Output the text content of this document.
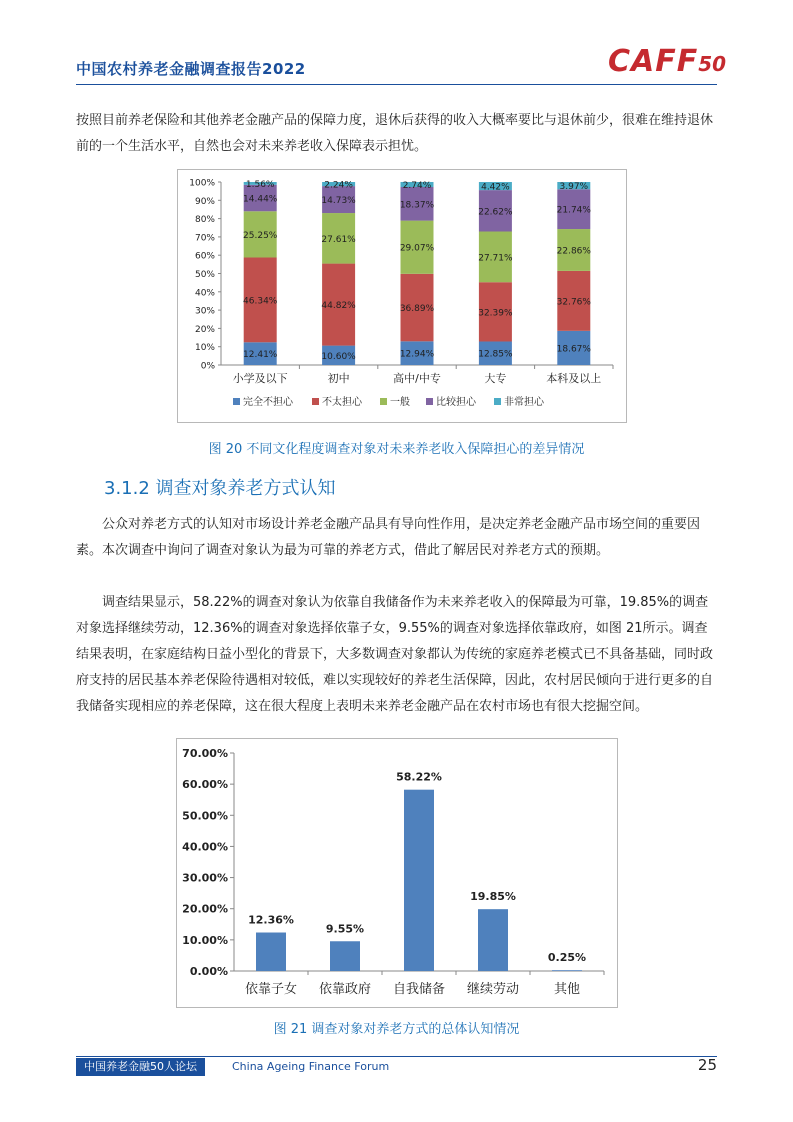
中国农村养老金融调查报告2022	CAFF50

按照目前养老保险和其他养老金融产品的保障力度，退休后获得的收入大概率要比与退休前少，很难在维持退休前的一个生活水平，自然也会对未来养老收入保障表示担忧。

0%
10%
20%
30%
40%
50%
60%
70%
80%
90%
100%
12.41%
46.34%
25.25%
14.44%
1.56%
小学及以下
10.60%
44.82%
27.61%
14.73%
2.24%
初中
12.94%
36.89%
29.07%
18.37%
2.74%
高中/中专
12.85%
32.39%
27.71%
22.62%
4.42%
大专
18.67%
32.76%
22.86%
21.74%
3.97%
本科及以上
完全不担心	不太担心	一般	比较担心	非常担心
图 20 不同文化程度调查对象对未来养老收入保障担心的差异情况
3.1.2 调查对象养老方式认知

公众对养老方式的认知对市场设计养老金融产品具有导向性作用，是决定养老金融产品市场空间的重要因素。本次调查中询问了调查对象认为最为可靠的养老方式，借此了解居民对养老方式的预期。

调查结果显示，58.22%的调查对象认为依靠自我储备作为未来养老收入的保障最为可靠，19.85%的调查对象选择继续劳动，12.36%的调查对象选择依靠子女，9.55%的调查对象选择依靠政府，如图 21所示。调查结果表明，在家庭结构日益小型化的背景下，大多数调查对象都认为传统的家庭养老模式已不具备基础，同时政府支持的居民基本养老保险待遇相对较低，难以实现较好的养老生活保障，因此，农村居民倾向于进行更多的自我储备实现相应的养老保障，这在很大程度上表明未来养老金融产品在农村市场也有很大挖掘空间。

0.00%
10.00%
20.00%
30.00%
40.00%
50.00%
60.00%
70.00%
12.36%
依靠子女
9.55%
依靠政府
58.22%
自我储备
19.85%
继续劳动
0.25%
其他
图 21 调查对象对养老方式的总体认知情况
中国养老金融50人论坛	China Ageing Finance Forum	25
